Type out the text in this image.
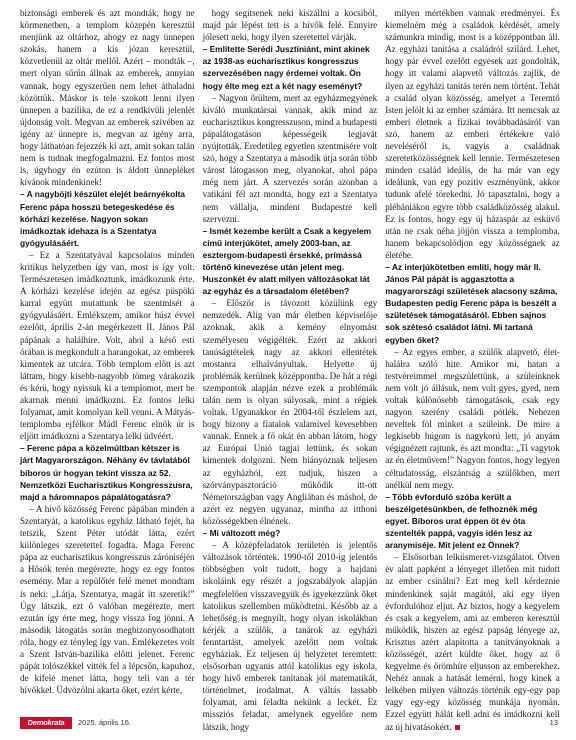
biztonsági emberek és azt mondták, hogy ne körmenetben, a templom közepén keresztül menjünk az oltárhoz, ahogy ez nagy ünnepen szokás, hanem a kis józan keresztül, közvetlenül az oltár mellől. Azért – mondták –, mert olyan sűrűn állnak az emberek, annyian vannak, hogy egyszerűen nem lehet áthaladni közöttük. Máskor is tele szokott lenni ilyen ünnepen a bazilika, de ez a rendkívüli jelenlét újdonság volt. Megvan az emberek szívében az igény az ünnepre is, megvan az igény arra, hogy láthatóan fejezzék ki azt, amit sokan talán nem is tudnak megfogalmazni. Ez fontos most is, úgyhogy én ezúton is áldott ünnepléket kívánok mindenkinek!

– A nagyböjti készület elejét beárnyékolta Ferenc pápa hosszú betegeskedése és kórházi kezelése. Nagyon sokan imádkoztak idehaza is a Szentatya gyógyulásáért.

– Ez a Szentatyával kapcsolatos minden kritikus helyzetben így van, most is így volt. Természetesen imádkoztunk, imádkozunk érte. A kórházi kezelése idején az egész püspöki karral együtt mutattunk be szentmisét a gyógyulásáért. Emlékszem, amikor húsz évvel ezelőtt, április 2-án megérkezett II. János Pál pápának a halálhíre. Volt, ahol a késő esti órában is megkondult a harangokat, az emberek kimentek az utcára. Több templom előtt is azt láttam, hogy kisebb-nagyobb tömeg várakozik és kérü, hogy nyissuk ki a templomot, mert be akarnak menni imádkozni. Ez fontos lelki folyamat, amit komolyan kell venni. A Mátyás-templomba ejfélkor Mádl Ferenc elnök úr is eljött imádkozni a Szentatya lelki üdvéért.

– Ferenc pápa a közelmúltban kétszer is járt Magyarországon. Néhány év távlatából bíboros úr hogyan tekint vissza az 52. Nemzetközi Eucharisztikus Kongresszusra, majd a háromnapos pápalátogatásra?

– A hívő közösség Ferenc pápában minden a Szentatyát, a katolikus egyház látható fejét, ha tetszik, Szent Péter utódát látta, ezért különleges szeretettel fogadta. Maga Ferenc pápa az eucharisztikus kongresszus záróniséjén a Hősök terén megérezte, hogy ez egy fontos esemény. Mar a repülőtér felé menet mondtam is neki: „Látja, Szentatya, magát itt szeretik!” Úgy látszik, ezt ő valóban megérezte, mert ezután így érte meg, hogy vissza fog jönni. A második látogatás során megbizonyosodhatott róla, hogy ez tényleg így van. Emlékezetes volt a Szent István-bazilika előtti jelenet. Ferenc pápát tolószékkel vitték fel a lépcsőn, kapuhoz, de kifelé menet látta, hogy teli van a tér hívőkkel. Üdvözölni akarta őket, ezért kérte,

hogy segítsenek neki kiszállni a kocsiból, majd pár lépést tett is a hívők felé. Ennyire jólesett neki, hogy ilyen szeretettel várják.

– Említette Serédi Jusztiniánt, mint akinek az 1938-as eucharisztikus kongresszus szervezésében nagy érdemei voltak. Ön hogy élte meg ezt a két nagy eseményt?

– Nagyon őrültem, mert az egyházmegyének kiváló munkatársai vannak, akik mind az eucharisztikus kongresszuson, mind a budapesti pápalátogatáson képességeik legjavát nyújtották. Eredetileg egyetlen szentmisére volt szó, hogy a Szentatya a második útja során több várost látogasson meg, olyanokat, ahol pápa még nem járt. A szervezés során azonban a vatikáni fél azt mondta, hogy ezt a Szentatya nem vállalja, mindent Budapestre kell szervezni.

– Ismét kezembe került a Csak a kegyelem című interjúkötet, amely 2003-ban, az esztergom-budapesti érsekké, prímássá történő kinevezése után jelent meg. Huszonkét év alatt milyen változásokat lát az egyház és a társadalom életében?

– Először is távozott közülünk egy nemzedék. Alig van már életben képviselője azoknak, akik a kemény elnyomást személyesen végigélték. Ezért az akkori tanúságtételek nagy az akkori ellentétek mostanra elhalványultak. Helyette új problémák kerülnek középpontba. De hát a régi szempontok alapján nézve ezek a problémák talán nem is olyan súlyosak, mint a régiek voltak. Ugyanakkor én 2004-től észlelem azt, hogy bizony a fiatalok valamivel kevesebben vannak. Ennek a fő okát én abban látom, hogy az Európai Unió tagjai lettünk, és sokan kimentek dolgozni. Nem hiányoznak teljesen az egyházból, ezt tudjuk, hiszen a szórványpasztoráció működik itt-ott Németországban vagy Angliában és máshol, de azért ez negyen ugyanaz, mintha az itthoni közösségekben élnének.

– Mi változott még?

– A középfeladatok területén is jelentős változások történtek. 1990-től 2010-ig jelentős többségben volt tudott, hogy a hajdani iskoláink egy részét a jogszabályok alapján megfelelően visszavegyük és igyekezzünk őket katolikus szellemben működtetni. Később az a lehetőség is megnyílt, hogy olyan iskolákban kérjék a szülők, a tanárok az egyházi fenntartást, amelyek azelőtt nem voltak egyháziak. Ez teljesen új helyzetet teremtett: elsősorban ugyanis attól katolikus egy iskola, hogy hívő emberek tanítanak jól matematikát, történelmet, irodalmat. A váltás lassabb folyamat, ami feladta nekünk a leckét. Ez missziós feladat, amelynek egyelőre nem látszik, hogy

milyen mértékben vannak eredményei. És kiemelném még a családok kérdését, amely számunkra mindig, most is a középpontban áll. Az egyházi tanítása a családról szilárd. Lehet, hogy pár évvel ezelőtt egyesek azt gondolták, hogy itt valami alapvető változás zajlik, de ilyen az egyházi tanítás terén nem történt. Tehát a család olyan közösség, amelyet a Teremtő Isten jelölt ki az ember számára. Itt nemcsak az emberi életnek a fizikai továbbadásáról van szó, hanem az emberi értékekre való neveléséről is, vagyis a családnak szeretetközösségnek kell lennie. Természetesen minden család ideális, de ha már van egy ideálunk, van egy pozitív eszményünk, akkor tudunk afelé törekedni. Jó tapasztalni, hogy a plébániákon egyre több családközösség alakul. Ez is fontos, hogy egy új házaspár az esküvő után ne csak néha jöjjön vissza a templomba, hanem bekapcsolódjon egy közösségnek az életébe.

– Az interjúkötetben említi, hogy már II. János Pál pápát is aggasztotta a magyarországi születések alacsony száma, Budapesten pedig Ferenc pápa is beszélt a születések támogatásáról. Ebben sajnos sok szétesó családot látni. Mi tartaná egyben őket?

– Az egyes ember, a szülők alapvető, élet-halálra szóló hite. Amikor mi, hatan a testvéreimmel megszülettünk, a szüleinknek nem volt jó állásuk, nem volt gyes, gyed, nem voltak különösebb támogatások, csak egy nagyon szerény családi pótlék. Nehezen neveltek föl minket a szüleink. De mire a legkisebb húgom is nagykorú lett, jó anyám végignézett rajtunk, és azt mondta: „Ti vagytok az én életművem!” Nagyon fontos, hogy legyen céltudatosság, elszántság a szülőkben, mert anélkül nem megy.

– Több évforduló szóba került a beszélgetésünkben, de felhoznék még egyet. Bíboros urat éppen öt év óta szentelték pappá, vagyis idén lesz az aranymiséje. Mit jelent ez Önnek?

– Elsősorban lelkiismeret-vizsgálatot. Ötven év alatt papként a lényeget illetően mit tudott az ember csinálni? Ezt meg kell kérdeznie mindenkinek saját magától, aki egy ilyen évfordulóhoz eljut. Az biztos, hogy a kegyelem és csak a kegyelem, ami az emberen keresztül működik, hiszen az egész papság lényege az, Krisztus azért alapította a tanítványoknak a közösségét, azért küldte őket, hogy az ő kegyelme és örömhíre eljusson az emberekhez. Nehéz annak a hatását lemérni, hogy kinek a lelkében milyen változás történik egy-egy pap vagy egy-egy közösség munkája nyomán. Ezzel együtt hálát kell adni és imádkozni kell az új hivatásokért.

Demokrata	2025. április 16.	13
